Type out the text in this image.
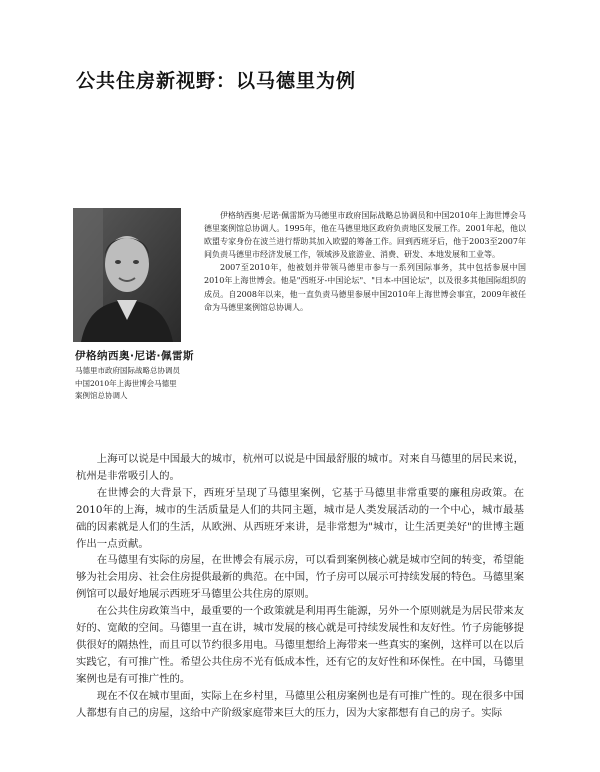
公共住房新视野：以马德里为例
伊格纳西奥·尼诺·佩雷斯
马德里市政府国际战略总协调员
中国2010年上海世博会马德里
案例馆总协调人

伊格纳西奥·尼诺·佩雷斯为马德里市政府国际战略总协调员和中国2010年上海世博会马德里案例馆总协调人。1995年，他在马德里地区政府负责地区发展工作。2001年起，他以欧盟专家身份在波兰进行帮助其加入欧盟的筹备工作。回到西班牙后，他于2003至2007年间负责马德里市经济发展工作，领域涉及旅游业、消费、研发、本地发展和工业等。

2007至2010年，他被划并带领马德里市参与一系列国际事务，其中包括参展中国2010年上海世博会。他是"西班牙-中国论坛"、"日本-中国论坛"，以及很多其他国际组织的成员。自2008年以来，他一直负责马德里参展中国2010年上海世博会事宜，2009年被任命为马德里案例馆总协调人。

上海可以说是中国最大的城市，杭州可以说是中国最舒服的城市。对来自马德里的居民来说，杭州是非常吸引人的。

在世博会的大背景下，西班牙呈现了马德里案例，它基于马德里非常重要的廉租房政策。在2010年的上海，城市的生活质量是人们的共同主题，城市是人类发展活动的一个中心，城市最基础的因素就是人们的生活，从欧洲、从西班牙来讲，是非常想为"城市，让生活更美好"的世博主题作出一点贡献。

在马德里有实际的房屋，在世博会有展示房，可以看到案例核心就是城市空间的转变，希望能够为社会用房、社会住房提供最新的典范。在中国，竹子房可以展示可持续发展的特色。马德里案例馆可以最好地展示西班牙马德里公共住房的原则。

在公共住房政策当中，最重要的一个政策就是利用再生能源，另外一个原则就是为居民带来友好的、宽敞的空间。马德里一直在讲，城市发展的核心就是可持续发展性和友好性。竹子房能够提供很好的隔热性，而且可以节约很多用电。马德里想给上海带来一些真实的案例，这样可以在以后实践它，有可推广性。希望公共住房不光有低成本性，还有它的友好性和环保性。在中国，马德里案例也是有可推广性的。

现在不仅在城市里面，实际上在乡村里，马德里公租房案例也是有可推广性的。现在很多中国人都想有自己的房屋，这给中产阶级家庭带来巨大的压力，因为大家都想有自己的房子。实际
